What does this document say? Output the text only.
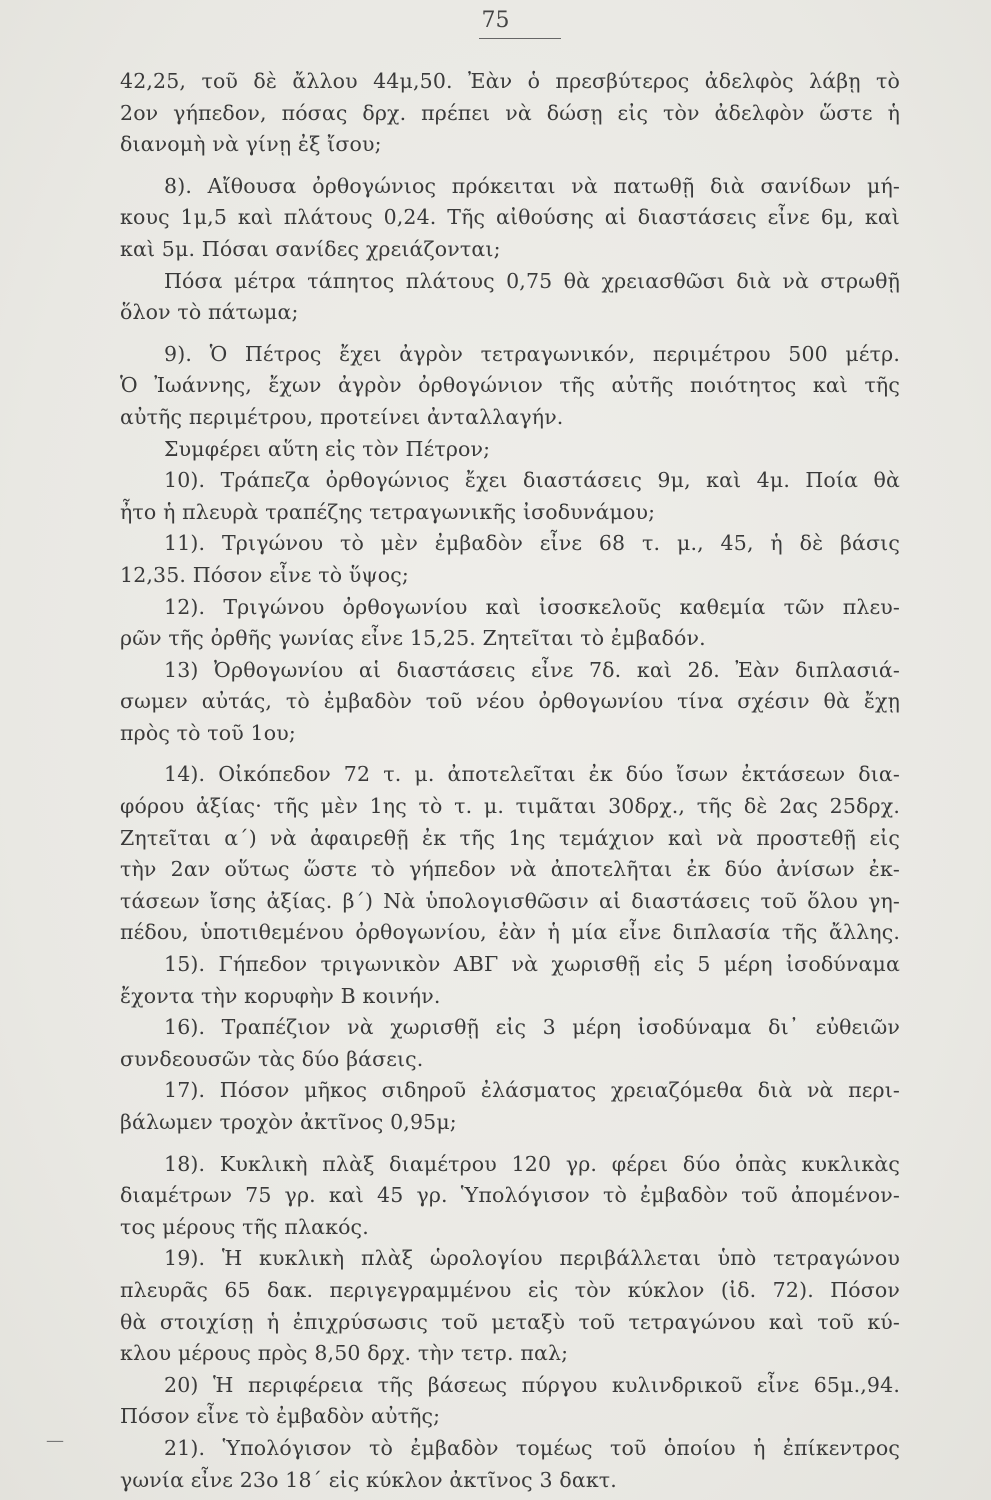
75
42,25, τοῦ δὲ ἄλλου 44μ,50. Ἐὰν ὁ πρεσβύτερος ἀδελφὸς λάβῃ τὸ
2ον γήπεδον, πόσας δρχ. πρέπει νὰ δώσῃ εἰς τὸν ἀδελφὸν ὥστε ἡ
διανομὴ νὰ γίνῃ ἐξ ἴσου;
8). Αἴθουσα ὀρθογώνιος πρόκειται νὰ πατωθῇ διὰ σανίδων μή-
κους 1μ,5 καὶ πλάτους 0,24. Τῆς αἰθούσης αἱ διαστάσεις εἶνε 6μ, καὶ
καὶ 5μ. Πόσαι σανίδες χρειάζονται;
Πόσα μέτρα τάπητος πλάτους 0,75 θὰ χρειασθῶσι διὰ νὰ στρωθῇ
ὅλον τὸ πάτωμα;
9). Ὁ Πέτρος ἔχει ἀγρὸν τετραγωνικόν, περιμέτρου 500 μέτρ.
Ὁ Ἰωάννης, ἔχων ἀγρὸν ὀρθογώνιον τῆς αὐτῆς ποιότητος καὶ τῆς
αὐτῆς περιμέτρου, προτείνει ἀνταλλαγήν.
Συμφέρει αὕτη εἰς τὸν Πέτρον;
10). Τράπεζα ὀρθογώνιος ἔχει διαστάσεις 9μ, καὶ 4μ. Ποία θὰ
ἦτο ἡ πλευρὰ τραπέζης τετραγωνικῆς ἰσοδυνάμου;
11). Τριγώνου τὸ μὲν ἐμβαδὸν εἶνε 68 τ. μ., 45, ἡ δὲ βάσις
12,35. Πόσον εἶνε τὸ ὕψος;
12). Τριγώνου ὀρθογωνίου καὶ ἰσοσκελοῦς καθεμία τῶν πλευ-
ρῶν τῆς ὀρθῆς γωνίας εἶνε 15,25. Ζητεῖται τὸ ἐμβαδόν.
13) Ὀρθογωνίου αἱ διαστάσεις εἶνε 7δ. καὶ 2δ. Ἐὰν διπλασιά-
σωμεν αὐτάς, τὸ ἐμβαδὸν τοῦ νέου ὀρθογωνίου τίνα σχέσιν θὰ ἔχῃ
πρὸς τὸ τοῦ 1ου;
14). Οἰκόπεδον 72 τ. μ. ἀποτελεῖται ἐκ δύο ἴσων ἐκτάσεων δια-
φόρου ἀξίας· τῆς μὲν 1ης τὸ τ. μ. τιμᾶται 30δρχ., τῆς δὲ 2ας 25δρχ.
Ζητεῖται α´) νὰ ἀφαιρεθῇ ἐκ τῆς 1ης τεμάχιον καὶ νὰ προστεθῇ εἰς
τὴν 2αν οὕτως ὥστε τὸ γήπεδον νὰ ἀποτελῆται ἐκ δύο ἀνίσων ἐκ-
τάσεων ἴσης ἀξίας. β´) Νὰ ὑπολογισθῶσιν αἱ διαστάσεις τοῦ ὅλου γη-
πέδου, ὑποτιθεμένου ὀρθογωνίου, ἐὰν ἡ μία εἶνε διπλασία τῆς ἄλλης.
15). Γήπεδον τριγωνικὸν ΑΒΓ νὰ χωρισθῇ εἰς 5 μέρη ἰσοδύναμα
ἔχοντα τὴν κορυφὴν Β κοινήν.
16). Τραπέζιον νὰ χωρισθῇ εἰς 3 μέρη ἰσοδύναμα δι᾽ εὐθειῶν
συνδεουσῶν τὰς δύο βάσεις.
17). Πόσον μῆκος σιδηροῦ ἐλάσματος χρειαζόμεθα διὰ νὰ περι-
βάλωμεν τροχὸν ἀκτῖνος 0,95μ;
18). Κυκλικὴ πλὰξ διαμέτρου 120 γρ. φέρει δύο ὀπὰς κυκλικὰς
διαμέτρων 75 γρ. καὶ 45 γρ. Ὑπολόγισον τὸ ἐμβαδὸν τοῦ ἀπομένον-
τος μέρους τῆς πλακός.
19). Ἡ κυκλικὴ πλὰξ ὡρολογίου περιβάλλεται ὑπὸ τετραγώνου
πλευρᾶς 65 δακ. περιγεγραμμένου εἰς τὸν κύκλον (ἰδ. 72). Πόσον
θὰ στοιχίσῃ ἡ ἐπιχρύσωσις τοῦ μεταξὺ τοῦ τετραγώνου καὶ τοῦ κύ-
κλου μέρους πρὸς 8,50 δρχ. τὴν τετρ. παλ;
20) Ἡ περιφέρεια τῆς βάσεως πύργου κυλινδρικοῦ εἶνε 65μ.,94.
Πόσον εἶνε τὸ ἐμβαδὸν αὐτῆς;
21). Ὑπολόγισον τὸ ἐμβαδὸν τομέως τοῦ ὁποίου ἡ ἐπίκεντρος
γωνία εἶνε 23ο 18´ εἰς κύκλον ἀκτῖνος 3 δακτ.
—
